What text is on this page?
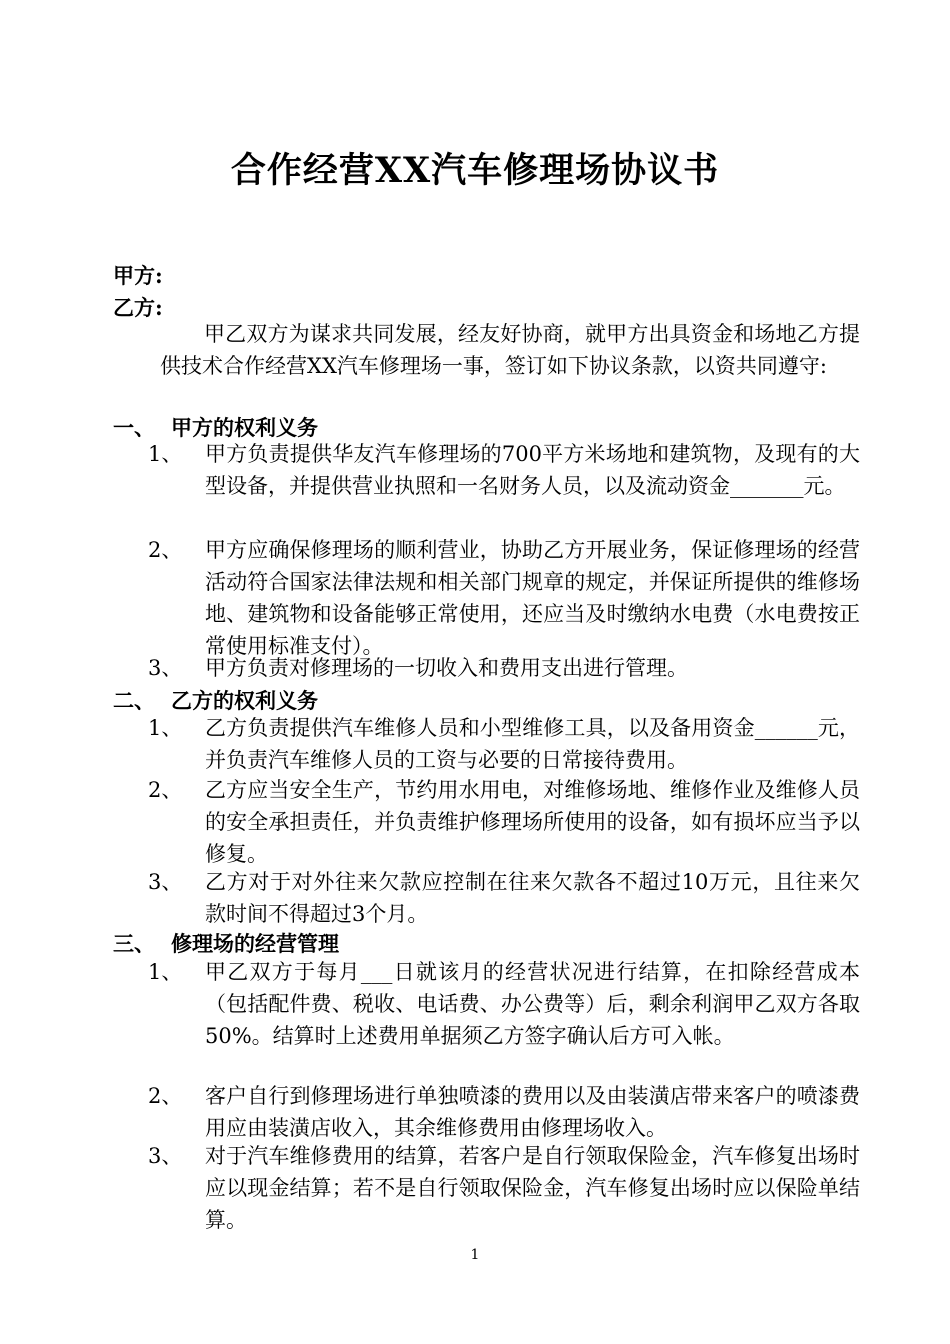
合作经营XX汽车修理场协议书
甲方:
乙方:
甲乙双方为谋求共同发展，经友好协商，就甲方出具资金和场地乙方提供技术合作经营XX汽车修理场一事，签订如下协议条款，以资共同遵守:
一、 甲方的权利义务
1、 甲方负责提供华友汽车修理场的700平方米场地和建筑物，及现有的大型设备，并提供营业执照和一名财务人员，以及流动资金_______元。
2、 甲方应确保修理场的顺利营业，协助乙方开展业务，保证修理场的经营活动符合国家法律法规和相关部门规章的规定，并保证所提供的维修场地、建筑物和设备能够正常使用，还应当及时缴纳水电费（水电费按正常使用标准支付）。
3、 甲方负责对修理场的一切收入和费用支出进行管理。
二、 乙方的权利义务
1、 乙方负责提供汽车维修人员和小型维修工具，以及备用资金______元，并负责汽车维修人员的工资与必要的日常接待费用。
2、 乙方应当安全生产，节约用水用电，对维修场地、维修作业及维修人员的安全承担责任，并负责维护修理场所使用的设备，如有损坏应当予以修复。
3、 乙方对于对外往来欠款应控制在往来欠款各不超过10万元，且往来欠款时间不得超过3个月。
三、 修理场的经营管理
1、 甲乙双方于每月___日就该月的经营状况进行结算，在扣除经营成本（包括配件费、税收、电话费、办公费等）后，剩余利润甲乙双方各取50%。结算时上述费用单据须乙方签字确认后方可入帐。
2、 客户自行到修理场进行单独喷漆的费用以及由装潢店带来客户的喷漆费用应由装潢店收入，其余维修费用由修理场收入。
3、 对于汽车维修费用的结算，若客户是自行领取保险金，汽车修复出场时应以现金结算；若不是自行领取保险金，汽车修复出场时应以保险单结算。
1
